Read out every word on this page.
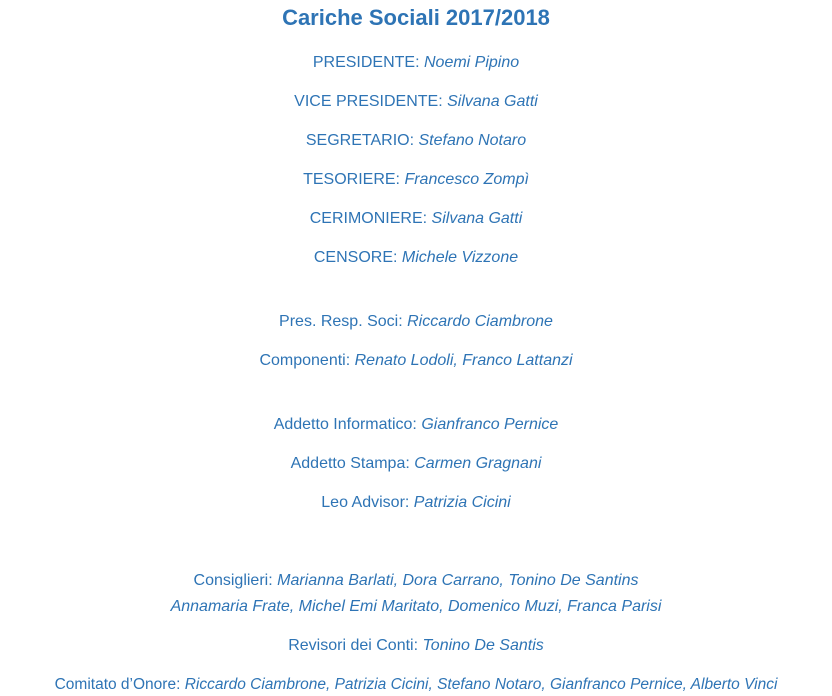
Cariche Sociali 2017/2018
PRESIDENTE: Noemi Pipino
VICE PRESIDENTE: Silvana Gatti
SEGRETARIO: Stefano Notaro
TESORIERE: Francesco Zompì
CERIMONIERE: Silvana Gatti
CENSORE: Michele Vizzone
Pres. Resp. Soci: Riccardo Ciambrone
Componenti: Renato Lodoli, Franco Lattanzi
Addetto Informatico: Gianfranco Pernice
Addetto Stampa: Carmen Gragnani
Leo Advisor: Patrizia Cicini
Consiglieri: Marianna Barlati, Dora Carrano, Tonino De Santins
Annamaria Frate, Michel Emi Maritato, Domenico Muzi, Franca Parisi
Revisori dei Conti: Tonino De Santis
Comitato d’Onore: Riccardo Ciambrone, Patrizia Cicini, Stefano Notaro, Gianfranco Pernice, Alberto Vinci
